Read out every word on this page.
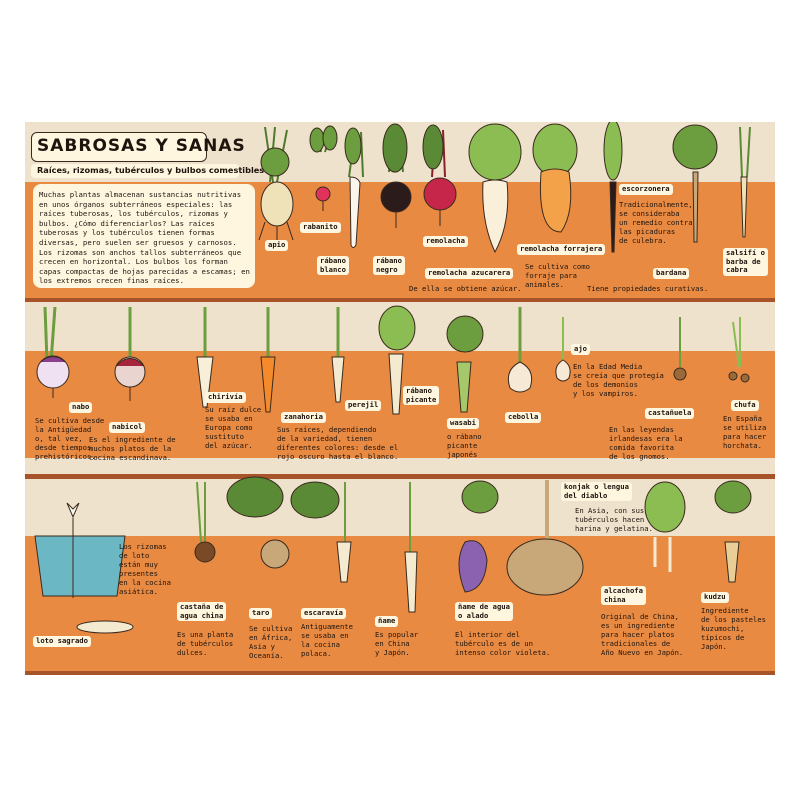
SABROSAS Y SANAS
Raíces, rizomas, tubérculos y bulbos comestibles
Muchas plantas almacenan sustancias nutritivas en unos órganos subterráneos especiales: las raíces tuberosas, los tubérculos, rizomas y bulbos. ¿Cómo diferenciarlos? Las raíces tuberosas y los tubérculos tienen formas diversas, pero suelen ser gruesos y carnosos. Los rizomas son anchos tallos subterráneos que crecen en horizontal. Los bulbos los forman capas compactas de hojas parecidas a escamas; en los extremos crecen finas raíces.
apio
rabanito
rábano
blanco
rábano
negro
remolacha
remolacha azucarera
De ella se obtiene azúcar.
remolacha forrajera
Se cultiva como
forraje para
animales.
escorzonera
Tradicionalmente,
se consideraba
un remedio contra
las picaduras
de culebra.
bardana
Tiene propiedades curativas.
salsifí o
barba de
cabra
nabo
Se cultiva desde
la Antigüedad
o, tal vez,
desde tiempos
prehistóricos.
nabicol
Es el ingrediente de
muchos platos de la
cocina escandinava.
chirivía
Su raíz dulce
se usaba en
Europa como
sustituto
del azúcar.
zanahoria
Sus raíces, dependiendo
de la variedad, tienen
diferentes colores: desde el
rojo oscuro hasta el blanco.
perejil
rábano
picante
wasabi
o rábano
picante
japonés
cebolla
ajo
En la Edad Media
se creía que protegía
de los demonios
y los vampiros.
castañuela
En las leyendas
irlandesas era la
comida favorita
de los gnomos.
chufa
En España
se utiliza
para hacer
horchata.
Los rizomas
de loto
están muy
presentes
en la cocina
asiática.
loto sagrado
castaña de
agua china
Es una planta
de tubérculos
dulces.
taro
Se cultiva
en África,
Asia y
Oceanía.
escaravía
Antiguamente
se usaba en
la cocina
polaca.
ñame
Es popular
en China
y Japón.
ñame de agua
o alado
El interior del
tubérculo es de un
intenso color violeta.
konjak o lengua
del diablo
En Asia, con sus
tubérculos hacen
harina y gelatina.
alcachofa
china
Original de China,
es un ingrediente
para hacer platos
tradicionales de
Año Nuevo en Japón.
kudzu
Ingrediente
de los pasteles
kuzumochi,
típicos de
Japón.
